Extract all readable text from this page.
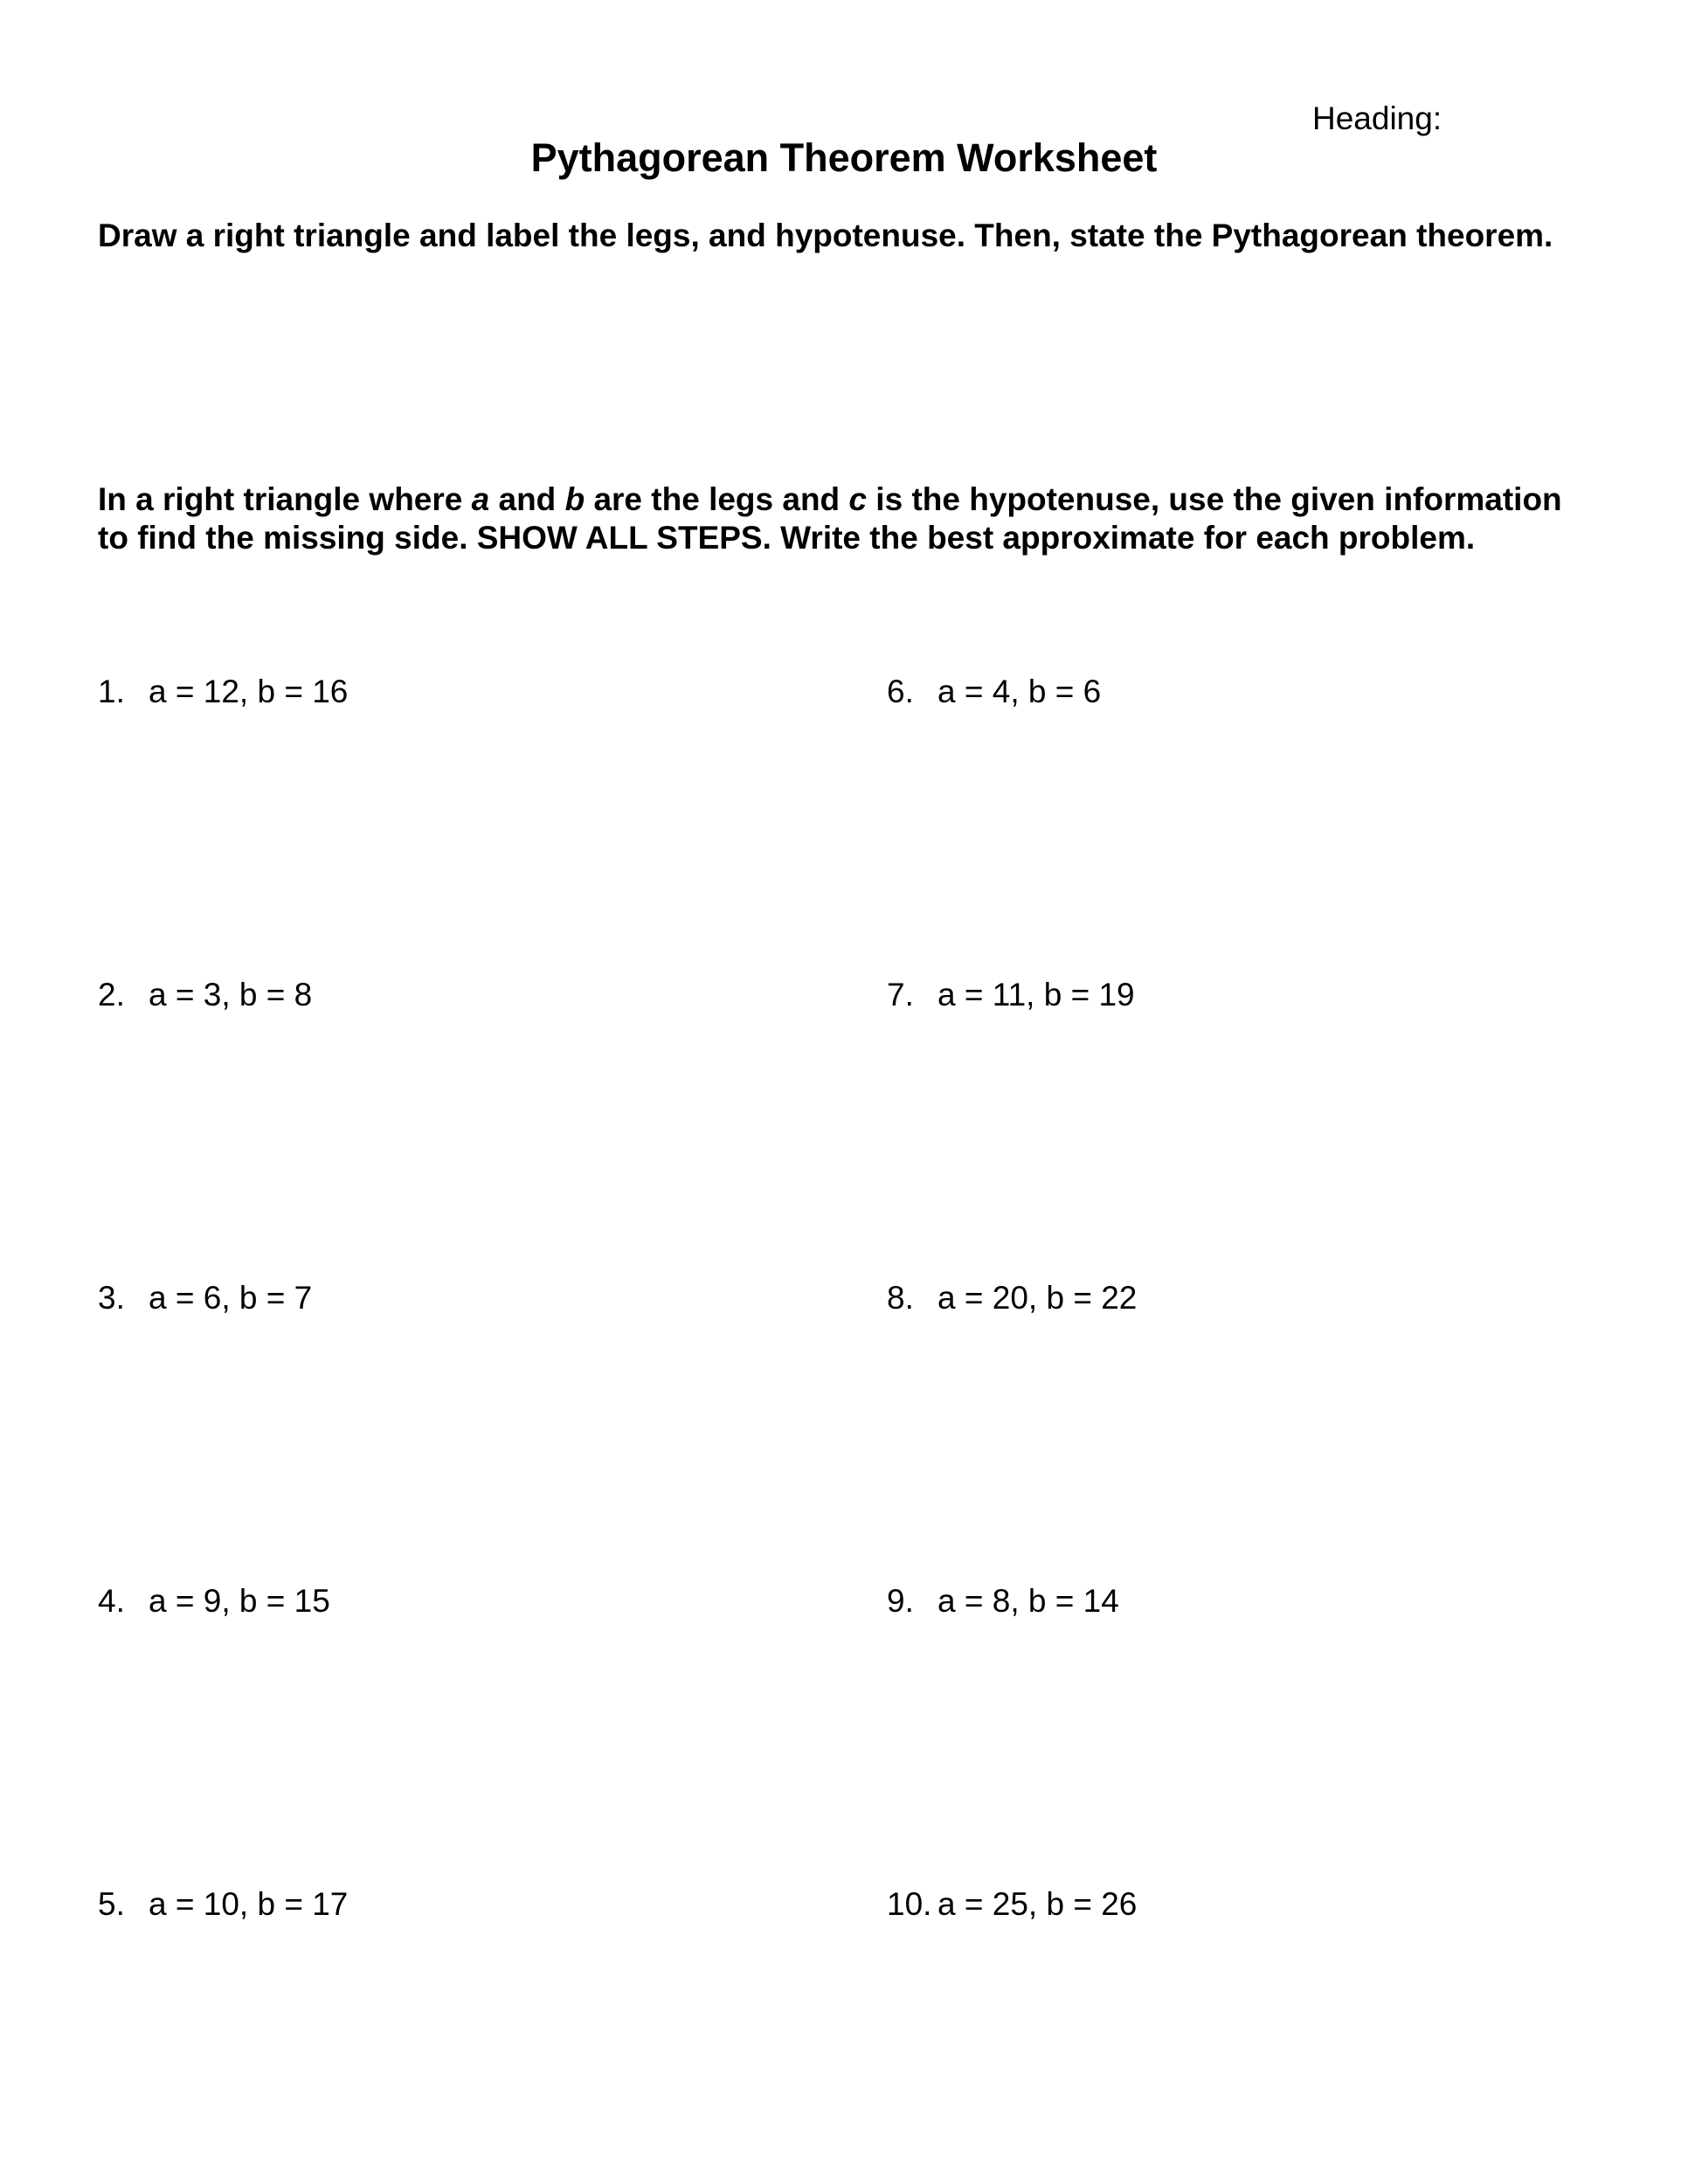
Heading:
Pythagorean Theorem Worksheet
Draw a right triangle and label the legs, and hypotenuse. Then, state the Pythagorean theorem.
In a right triangle where a and b are the legs and c is the hypotenuse, use the given information to find the missing side. SHOW ALL STEPS. Write the best approximate for each problem.
1. a = 12, b = 16
2. a = 3, b = 8
3. a = 6, b = 7
4. a = 9, b = 15
5. a = 10, b = 17
6. a = 4, b = 6
7. a = 11, b = 19
8. a = 20, b = 22
9. a = 8, b = 14
10. a = 25, b = 26
